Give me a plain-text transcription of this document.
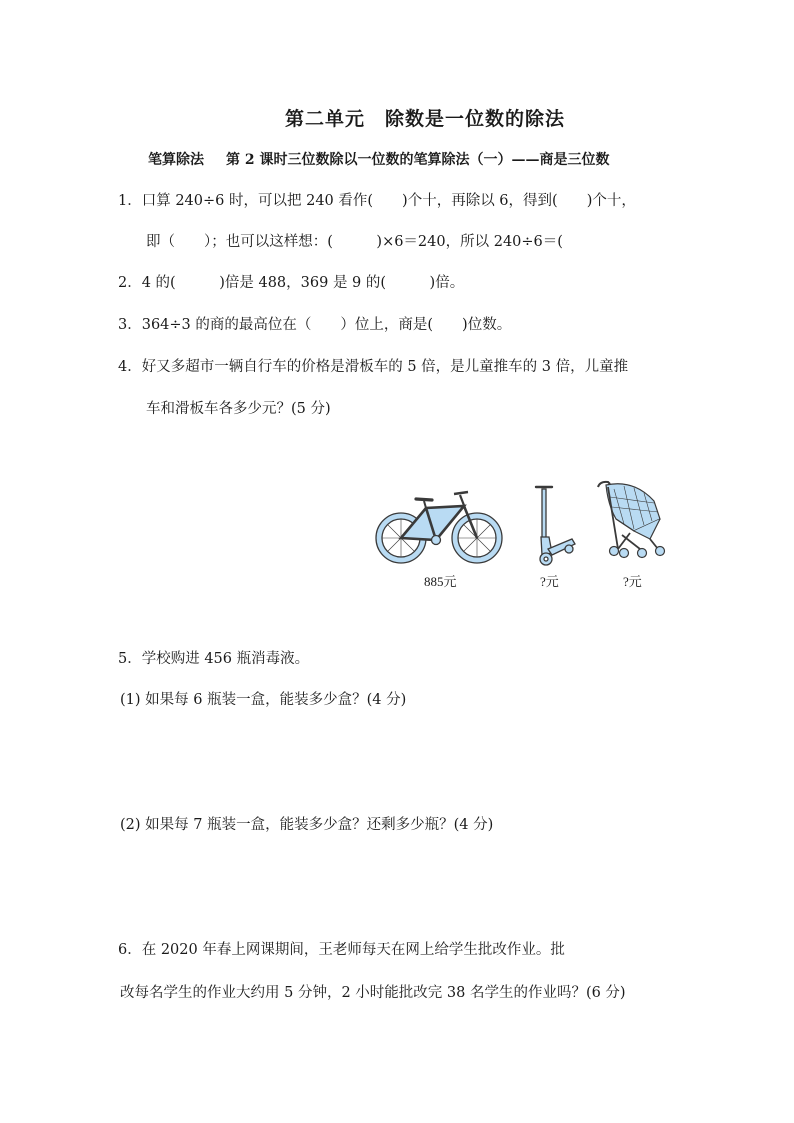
第二单元　除数是一位数的除法
笔算除法 第 2 课时三位数除以一位数的笔算除法（一）——商是三位数
1．口算 240÷6 时，可以把 240 看作(　　)个十，再除以 6，得到(　　)个十，
即（　　）；也可以这样想：(　　　)×6＝240，所以 240÷6＝(
2．4 的(　　　)倍是 488，369 是 9 的(　　　)倍。
3．364÷3 的商的最高位在（　　）位上，商是(　　)位数。
4．好又多超市一辆自行车的价格是滑板车的 5 倍，是儿童推车的 3 倍，儿童推
车和滑板车各多少元？(5 分)
885元	?元	?元
5．学校购进 456 瓶消毒液。
(1) 如果每 6 瓶装一盒，能装多少盒？(4 分)
(2) 如果每 7 瓶装一盒，能装多少盒？还剩多少瓶？(4 分)
6．在 2020 年春上网课期间，王老师每天在网上给学生批改作业。批
改每名学生的作业大约用 5 分钟，2 小时能批改完 38 名学生的作业吗？(6 分)
